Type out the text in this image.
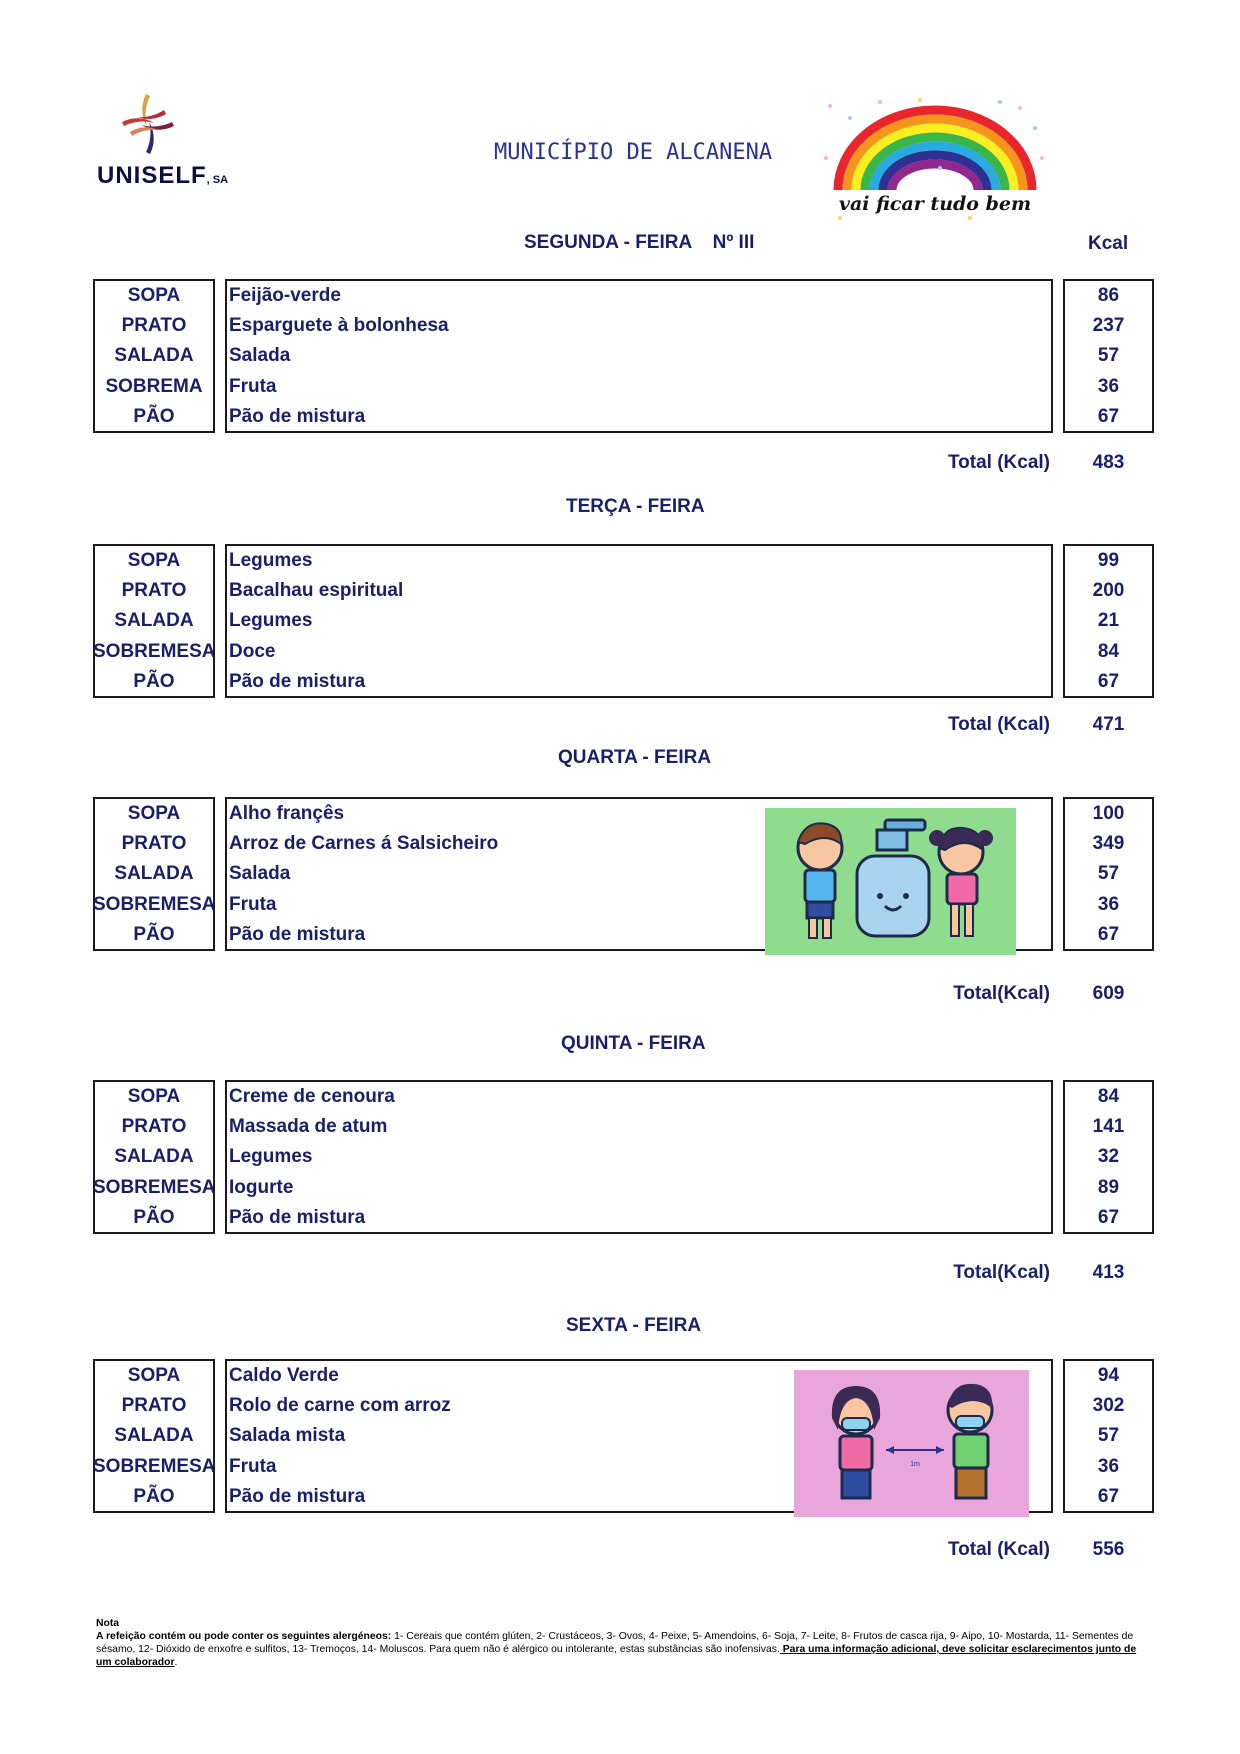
UNISELF, SA
MUNICÍPIO DE ALCANENA
vai ficar tudo bem
Kcal
SEGUNDA - FEIRA    Nº III
SOPA	Feijão-verde	86
PRATO	Esparguete à bolonhesa	237
SALADA	Salada	57
SOBREMA	Fruta	36
PÃO	Pão de mistura	67
Total (Kcal)	483
TERÇA - FEIRA
SOPA	Legumes	99
PRATO	Bacalhau espiritual	200
SALADA	Legumes	21
SOBREMESA Doce	84
PÃO	Pão de mistura	67
Total (Kcal)	471
QUARTA - FEIRA
SOPA	Alho françês	100
PRATO	Arroz de Carnes á Salsicheiro	349
SALADA	Salada	57
SOBREMESA Fruta	36
PÃO	Pão de mistura	67
Total(Kcal)	609
QUINTA - FEIRA
SOPA	Creme de cenoura	84
PRATO	Massada de atum	141
SALADA	Legumes	32
SOBREMESA Iogurte	89
PÃO	Pão de mistura	67
Total(Kcal)	413
SEXTA - FEIRA
SOPA	Caldo Verde	94
PRATO	Rolo de carne com arroz	302
SALADA	Salada mista	57
SOBREMESA Fruta	36
PÃO	Pão de mistura	67
Total (Kcal)	556
1m
Nota
A refeição contém ou pode conter os seguintes alergéneos: 1- Cereais que contém glúten, 2- Crustáceos, 3- Ovos, 4- Peixe, 5- Amendoins, 6- Soja, 7- Leite, 8- Frutos de casca rija, 9- Aipo, 10- Mostarda, 11- Sementes de sésamo, 12- Dióxido de enxofre e sulfitos, 13- Tremoços, 14- Moluscos. Para quem não é alérgico ou intolerante, estas substâncias são inofensivas. Para uma informação adicional, deve solicitar esclarecimentos junto de um colaborador.
